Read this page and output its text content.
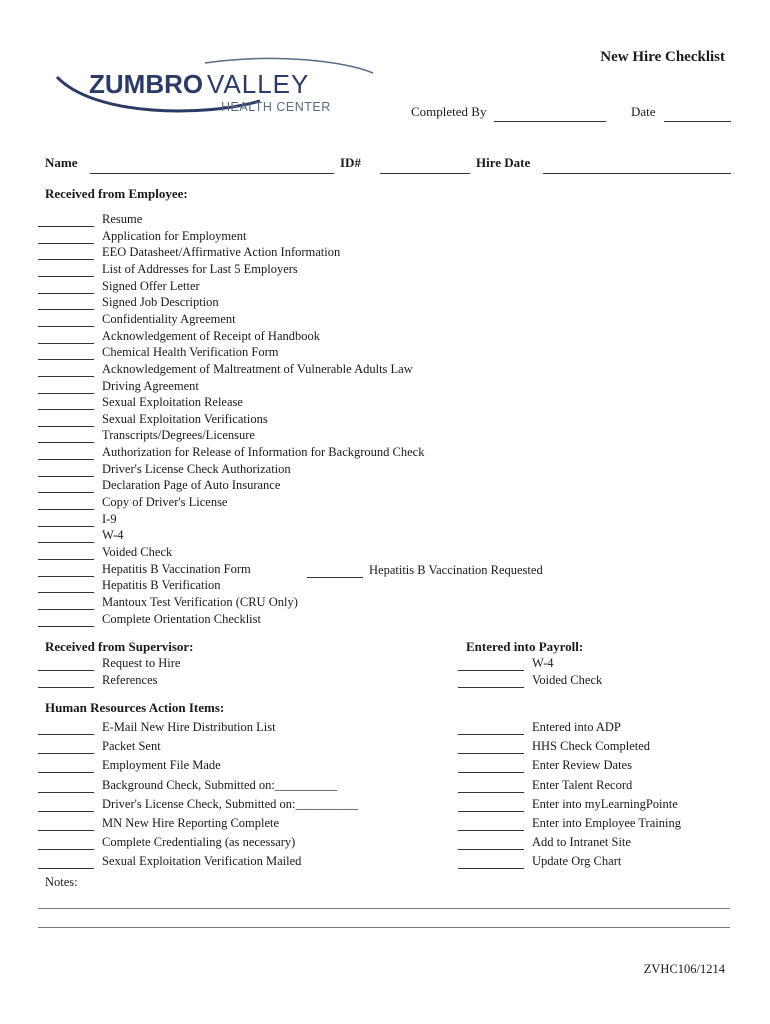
New Hire Checklist
ZUMBRO VALLEY
HEALTH CENTER	Completed By	Date
Name	ID#	Hire Date
Received from Employee:
Resume
Application for Employment
EEO Datasheet/Affirmative Action Information
List of Addresses for Last 5 Employers
Signed Offer Letter
Signed Job Description
Confidentiality Agreement
Acknowledgement of Receipt of Handbook
Chemical Health Verification Form
Acknowledgement of Maltreatment of Vulnerable Adults Law
Driving Agreement
Sexual Exploitation Release
Sexual Exploitation Verifications
Transcripts/Degrees/Licensure
Authorization for Release of Information for Background Check
Driver's License Check Authorization
Declaration Page of Auto Insurance
Copy of Driver's License
I-9
W-4
Voided Check
Hepatitis B Vaccination Form
Hepatitis B Verification
Mantoux Test Verification (CRU Only)
Complete Orientation Checklist
Hepatitis B Vaccination Requested
Received from Supervisor:
Request to Hire
References
Entered into Payroll:
W-4
Voided Check
Human Resources Action Items:
E-Mail New Hire Distribution List
Packet Sent
Employment File Made
Background Check, Submitted on:__________
Driver's License Check, Submitted on:__________
MN New Hire Reporting Complete
Complete Credentialing (as necessary)
Sexual Exploitation Verification Mailed
Entered into ADP
HHS Check Completed
Enter Review Dates
Enter Talent Record
Enter into myLearningPointe
Enter into Employee Training
Add to Intranet Site
Update Org Chart
Notes:
ZVHC106/1214
